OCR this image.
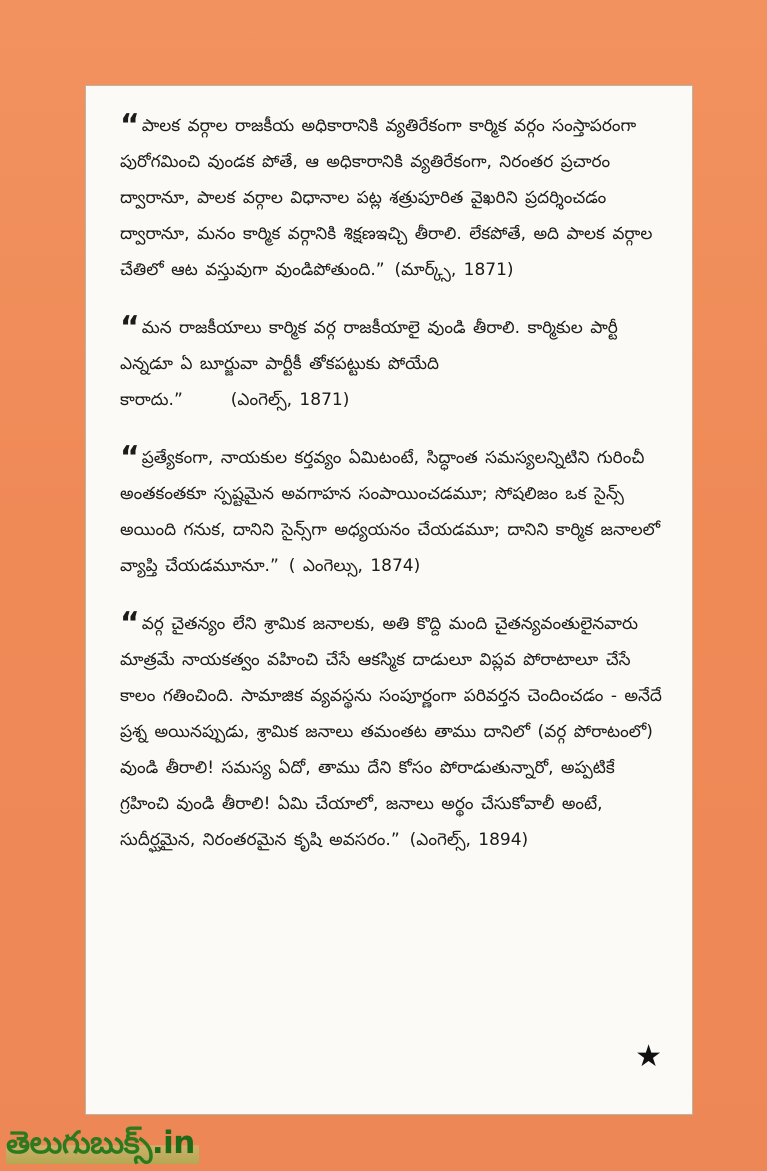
“ పాలక వర్గాల రాజకీయ అధికారానికి వ్యతిరేకంగా కార్మిక వర్గం సంస్తాపరంగా పురోగమించి వుండక పోతే, ఆ అధికారానికి వ్యతిరేకంగా, నిరంతర ప్రచారం ద్వారానూ, పాలక వర్గాల విధానాల పట్ల శత్రుపూరిత వైఖరిని ప్రదర్శించడం ద్వారానూ, మనం కార్మిక వర్గానికి శిక్షణఇచ్చి తీరాలి. లేకపోతే, అది పాలక వర్గాల చేతిలో ఆట వస్తువుగా వుండిపోతుంది.” (మార్క్స్, 1871)

“ మన రాజకీయాలు కార్మిక వర్గ రాజకీయాలై వుండి తీరాలి. కార్మికుల పార్టీ ఎన్నడూ ఏ బూర్జువా పార్టీకీ తోకపట్టుకు పోయేది కారాదు.”	(ఎంగెల్స్, 1871)

“ ప్రత్యేకంగా, నాయకుల కర్తవ్యం ఏమిటంటే, సిద్ధాంత సమస్యలన్నిటిని గురించీ అంతకంతకూ స్పష్టమైన అవగాహన సంపాయించడమూ; సోషలిజం ఒక సైన్స్ అయింది గనుక, దానిని సైన్స్‌గా అధ్యయనం చేయడమూ; దానిని కార్మిక జనాలలో వ్యాప్తి చేయడమూనూ.” ( ఎంగెల్సు, 1874)

“ వర్గ చైతన్యం లేని శ్రామిక జనాలకు, అతి కొద్ది మంది చైతన్యవంతులైనవారు మాత్రమే నాయకత్వం వహించి చేసే ఆకస్మిక దాడులూ విప్లవ పోరాటాలూ చేసే కాలం గతించింది. సామాజిక వ్యవస్థను సంపూర్ణంగా పరివర్తన చెందించడం - అనేదే ప్రశ్న అయినప్పుడు, శ్రామిక జనాలు తమంతట తాము దానిలో (వర్గ పోరాటంలో) వుండి తీరాలి! సమస్య ఏదో, తాము దేని కోసం పోరాడుతున్నారో, అప్పటికే గ్రహించి వుండి తీరాలి! ఏమి చేయాలో, జనాలు అర్థం చేసుకోవాలీ అంటే, సుదీర్ఘమైన, నిరంతరమైన కృషి అవసరం.” (ఎంగెల్స్, 1894)

★
తెలుగుబుక్స్.in
